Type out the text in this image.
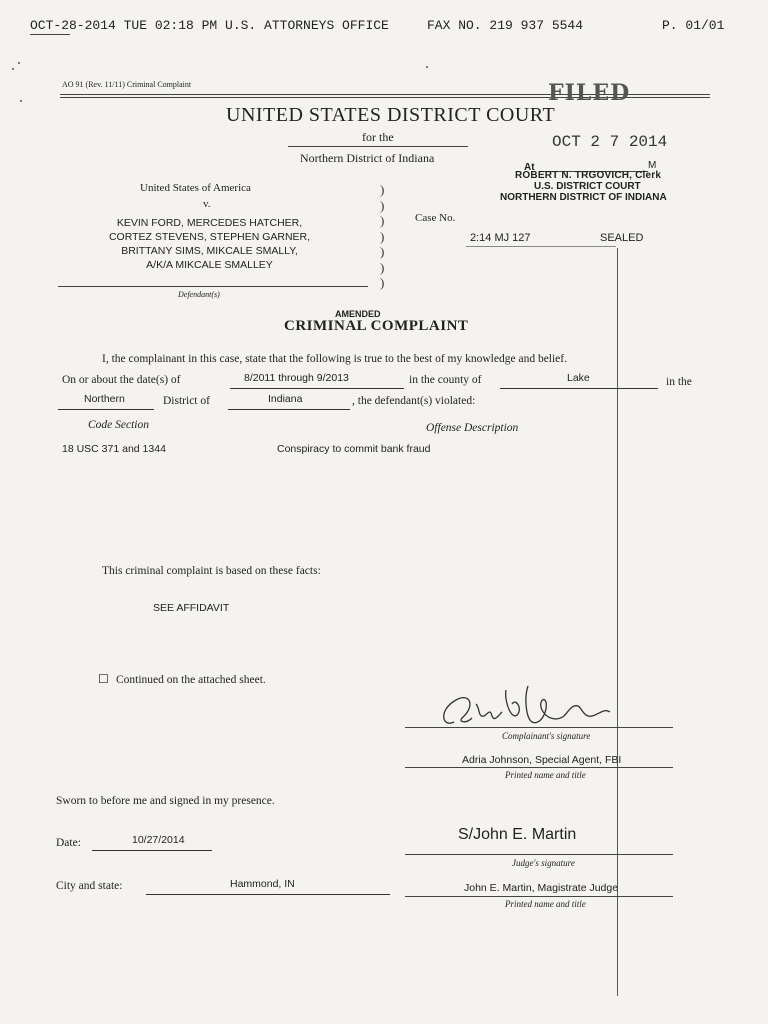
OCT-28-2014 TUE 02:18 PM U.S. ATTORNEYS OFFICE	FAX NO. 219 937 5544	P. 01/01
AO 91 (Rev. 11/11) Criminal Complaint	FILED
UNITED STATES DISTRICT COURT
for the
Northern District of Indiana
OCT 2 7 2014
At	M
ROBERT N. TRGOVICH, Clerk
U.S. DISTRICT COURT
NORTHERN DISTRICT OF INDIANA
United States of America
v.
KEVIN FORD, MERCEDES HATCHER,
CORTEZ STEVENS, STEPHEN GARNER,
BRITTANY SIMS, MIKCALE SMALLY,
A/K/A MIKCALE SMALLEY
Defendant(s)
)
)
)
)
)
)
)
Case No.
2:14 MJ 127	SEALED
AMENDED
CRIMINAL COMPLAINT
I, the complainant in this case, state that the following is true to the best of my knowledge and belief.
On or about the date(s) of	8/2011 through 9/2013	in the county of	Lake	in the
Northern	District of	Indiana	, the defendant(s) violated:
Code Section	Offense Description
18 USC 371 and 1344	Conspiracy to commit bank fraud
This criminal complaint is based on these facts:
SEE AFFIDAVIT
☐ Continued on the attached sheet.
Complainant's signature
Adria Johnson, Special Agent, FBI
Printed name and title
Sworn to before me and signed in my presence.
Date:	10/27/2014	S/John E. Martin
Judge's signature
City and state:	Hammond, IN	John E. Martin, Magistrate Judge
Printed name and title
